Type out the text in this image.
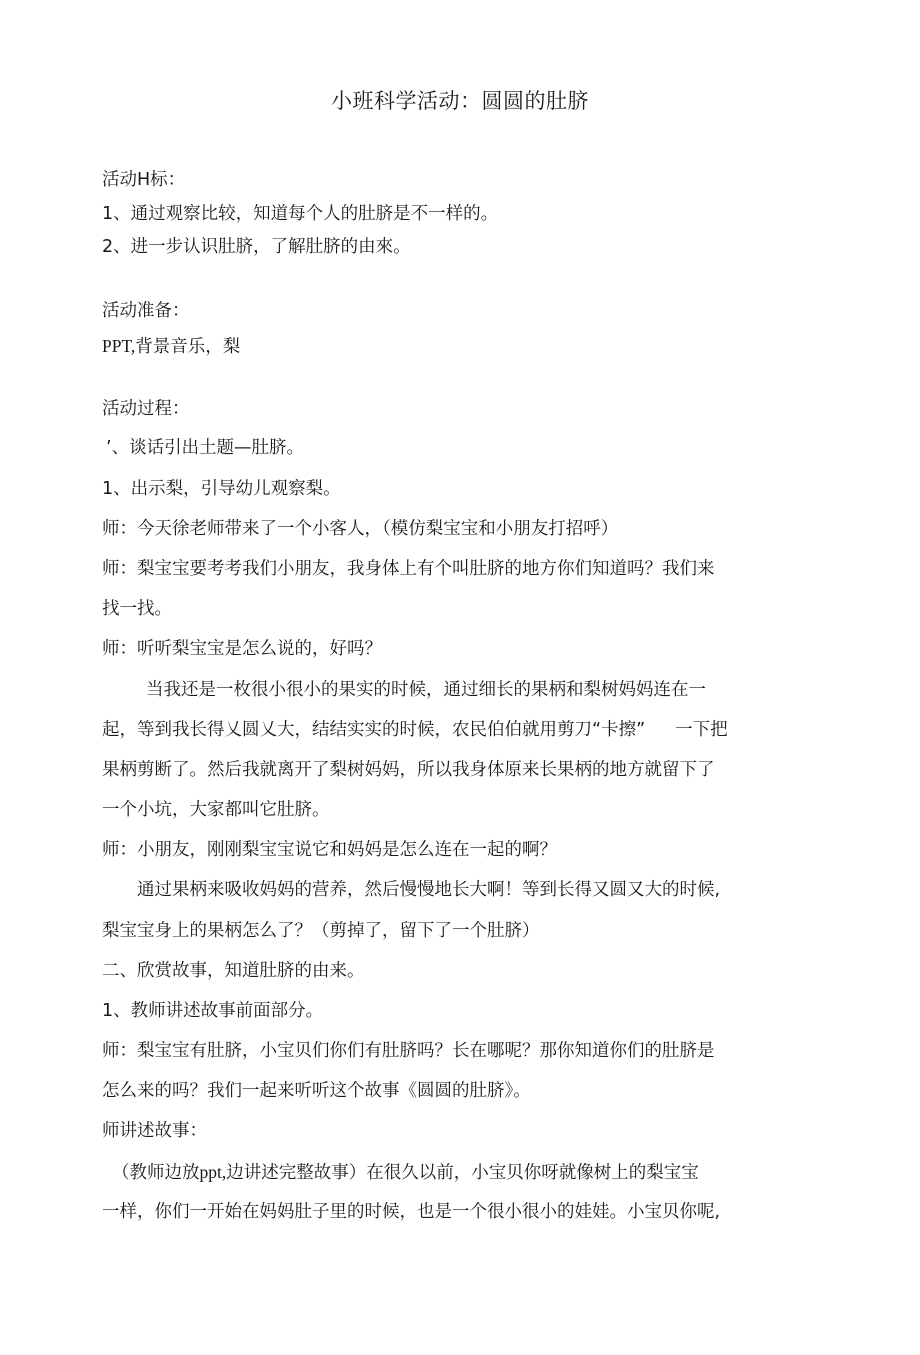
小班科学活动：圆圆的肚脐
活动H标：
1、通过观察比较，知道每个人的肚脐是不一样的。
2、进一步认识肚脐，了解肚脐的由來。
活动准备：
PPT,背景音乐，梨
活动过程：
’、谈话引出土题—肚脐。
1、出示梨，引导幼儿观察梨。
师：今天徐老师带来了一个小客人，（模仿梨宝宝和小朋友打招呼）
师：梨宝宝要考考我们小朋友，我身体上有个叫肚脐的地方你们知道吗？我们来
找一找。
师：听听梨宝宝是怎么说的，好吗？
当我还是一枚很小很小的果实的时候，通过细长的果柄和梨树妈妈连在一
起，等到我长得乂圆乂大，结结实实的时候，农民伯伯就用剪刀“卡擦” 一下把
果柄剪断了。然后我就离开了梨树妈妈，所以我身体原来长果柄的地方就留下了
一个小坑，大家都叫它肚脐。
师：小朋友，刚刚梨宝宝说它和妈妈是怎么连在一起的啊？
通过果柄来吸收妈妈的营养，然后慢慢地长大啊！等到长得又圆又大的时候,
梨宝宝身上的果柄怎么了？（剪掉了，留下了一个肚脐）
二、欣赏故事，知道肚脐的由来。
1、教师讲述故事前面部分。
师：梨宝宝有肚脐，小宝贝们你们有肚脐吗？长在哪呢？那你知道你们的肚脐是
怎么来的吗？我们一起来听听这个故事《圆圆的肚脐》。
师讲述故事：
（教师边放ppt,边讲述完整故事）在很久以前，小宝贝你呀就像树上的梨宝宝
一样，你们一开始在妈妈肚子里的时候，也是一个很小很小的娃娃。小宝贝你呢,
